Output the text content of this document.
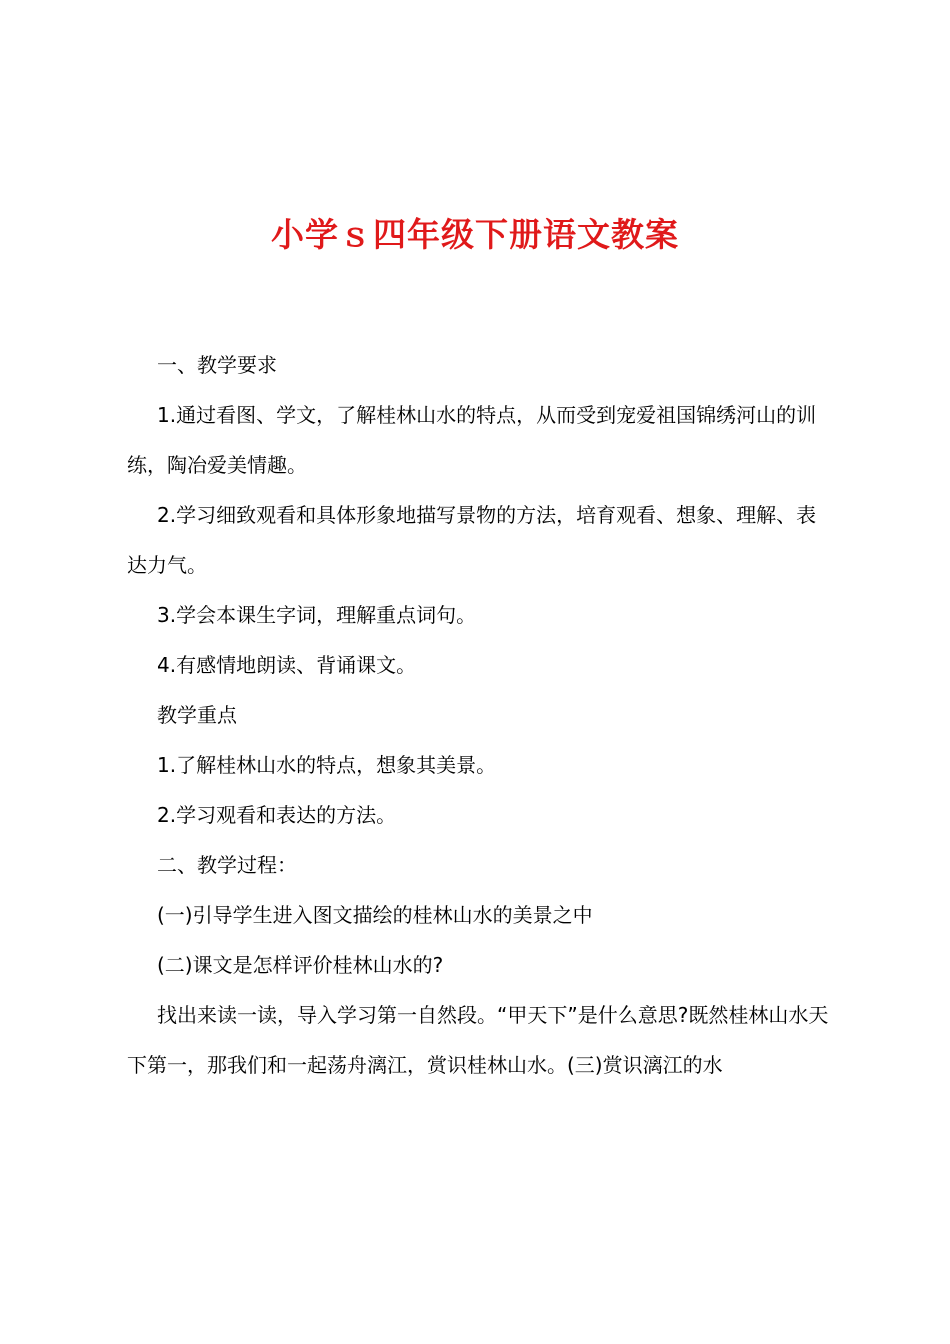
小学ｓ四年级下册语文教案

一、教学要求

1.通过看图、学文，了解桂林山水的特点，从而受到宠爱祖国锦绣河山的训练，陶冶爱美情趣。

2.学习细致观看和具体形象地描写景物的方法，培育观看、想象、理解、表达力气。

3.学会本课生字词，理解重点词句。

4.有感情地朗读、背诵课文。

教学重点

1.了解桂林山水的特点，想象其美景。

2.学习观看和表达的方法。

二、教学过程：

(一)引导学生进入图文描绘的桂林山水的美景之中

(二)课文是怎样评价桂林山水的?

找出来读一读，导入学习第一自然段。“甲天下”是什么意思?既然桂林山水天下第一，那我们和一起荡舟漓江，赏识桂林山水。(三)赏识漓江的水
